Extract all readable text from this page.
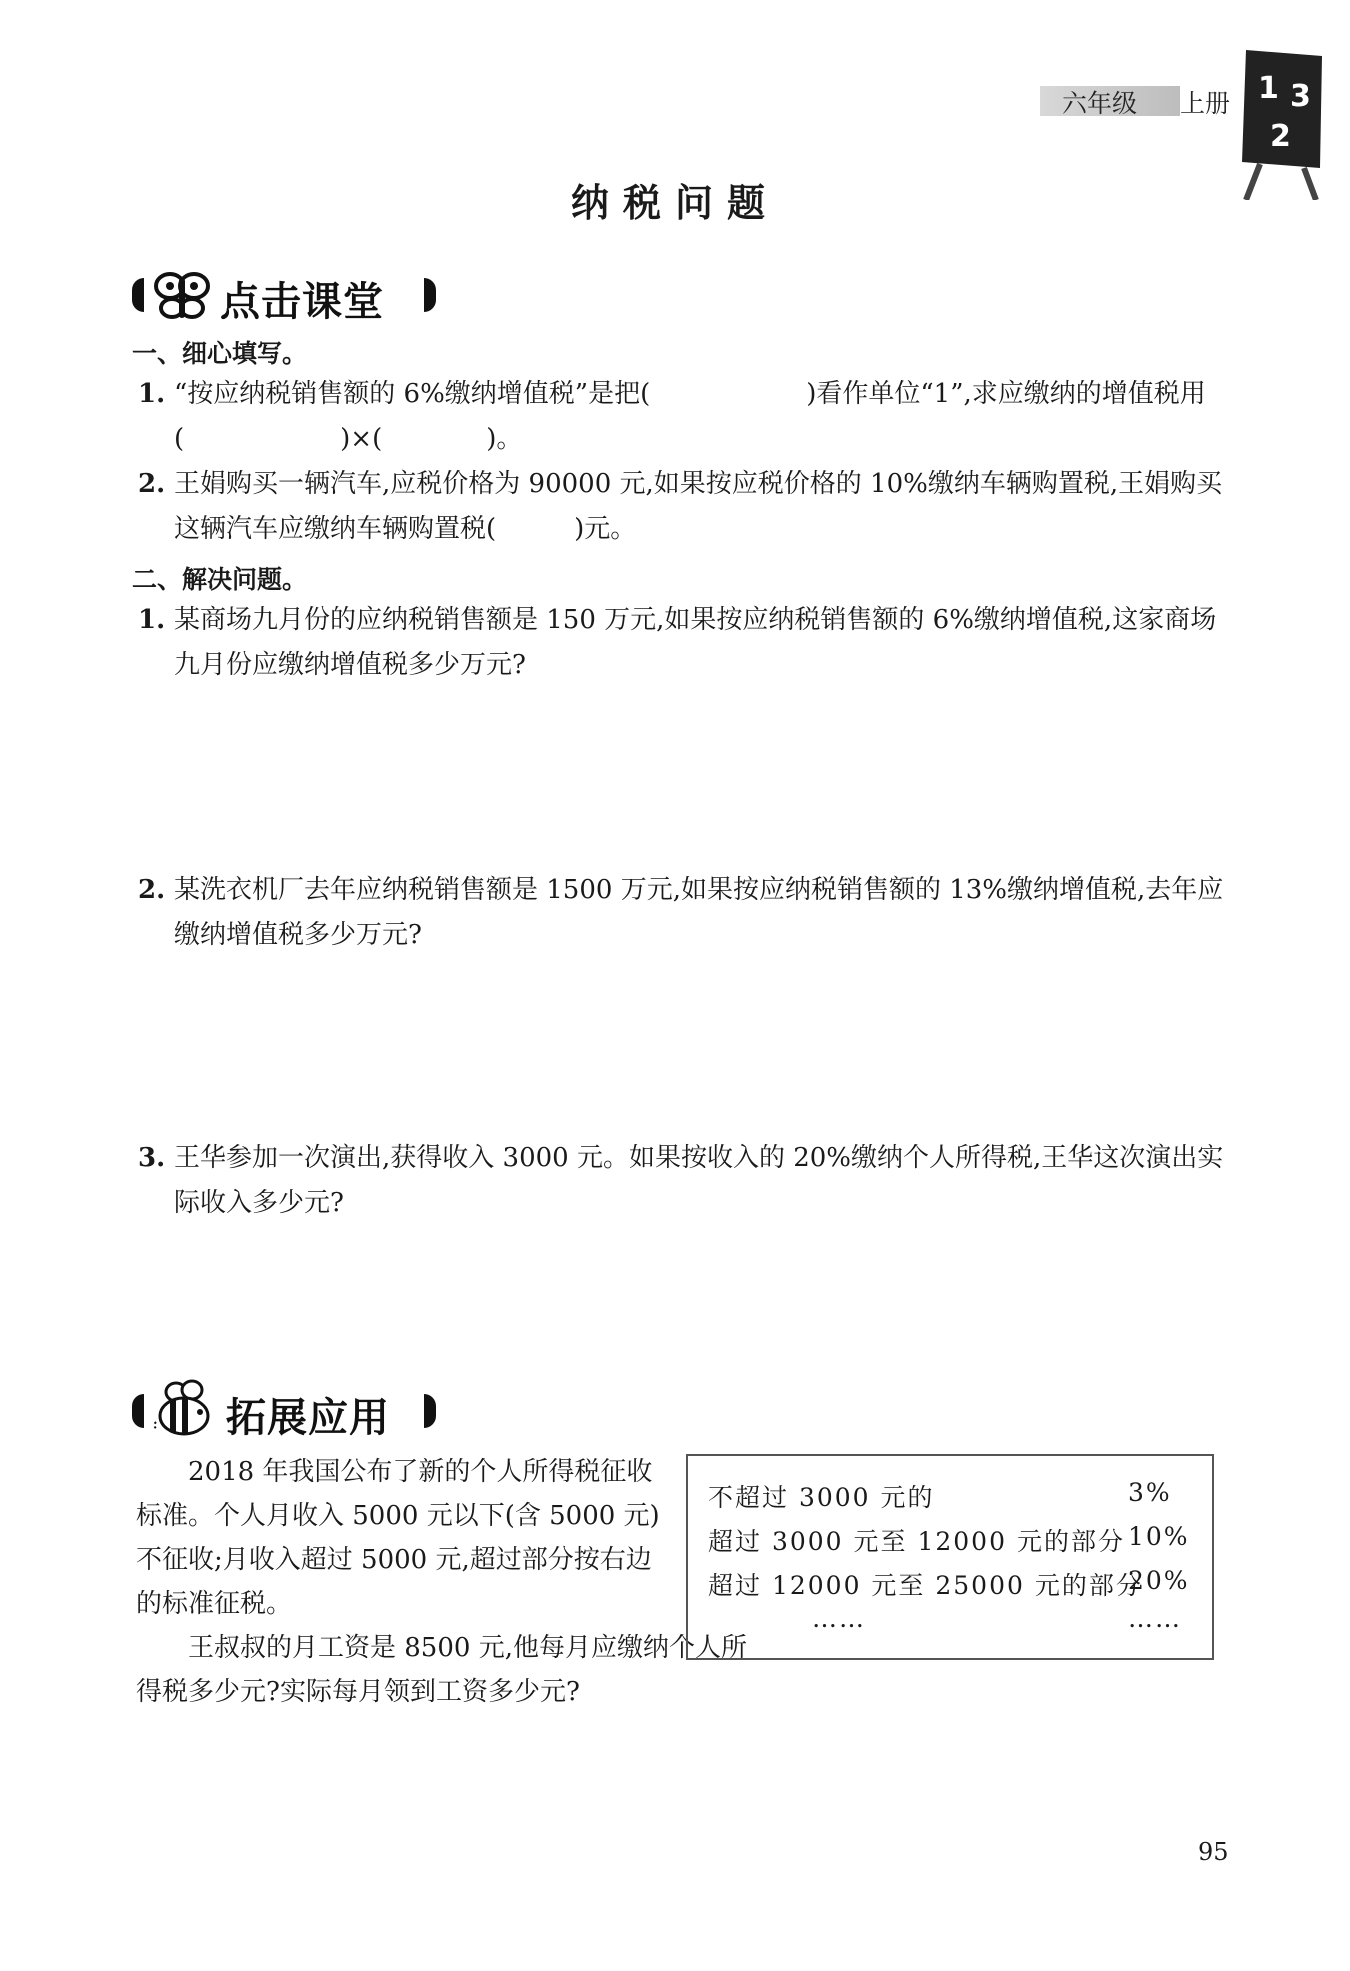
六年级 上册 1 3
2
纳税问题
点击课堂
一、细心填写。
1. “按应纳税销售额的 6%缴纳增值税”是把(　　　　　　)看作单位“1”,求应缴纳的增值税用(　　　　　　)×(　　　　)。
2. 王娟购买一辆汽车,应税价格为 90000 元,如果按应税价格的 10%缴纳车辆购置税,王娟购买这辆汽车应缴纳车辆购置税(　　　)元。
二、解决问题。
1. 某商场九月份的应纳税销售额是 150 万元,如果按应纳税销售额的 6%缴纳增值税,这家商场九月份应缴纳增值税多少万元?
2. 某洗衣机厂去年应纳税销售额是 1500 万元,如果按应纳税销售额的 13%缴纳增值税,去年应缴纳增值税多少万元?
3. 王华参加一次演出,获得收入 3000 元。如果按收入的 20%缴纳个人所得税,王华这次演出实际收入多少元?
拓展应用
　　2018 年我国公布了新的个人所得税征收标准。个人月收入 5000 元以下(含 5000 元)不征收;月收入超过 5000 元,超过部分按右边的标准征税。
　　王叔叔的月工资是 8500 元,他每月应缴纳个人所得税多少元?实际每月领到工资多少元?
不超过 3000 元的	3%
超过 3000 元至 12000 元的部分 10%
超过 12000 元至 25000 元的部分
20%
……	……
95
